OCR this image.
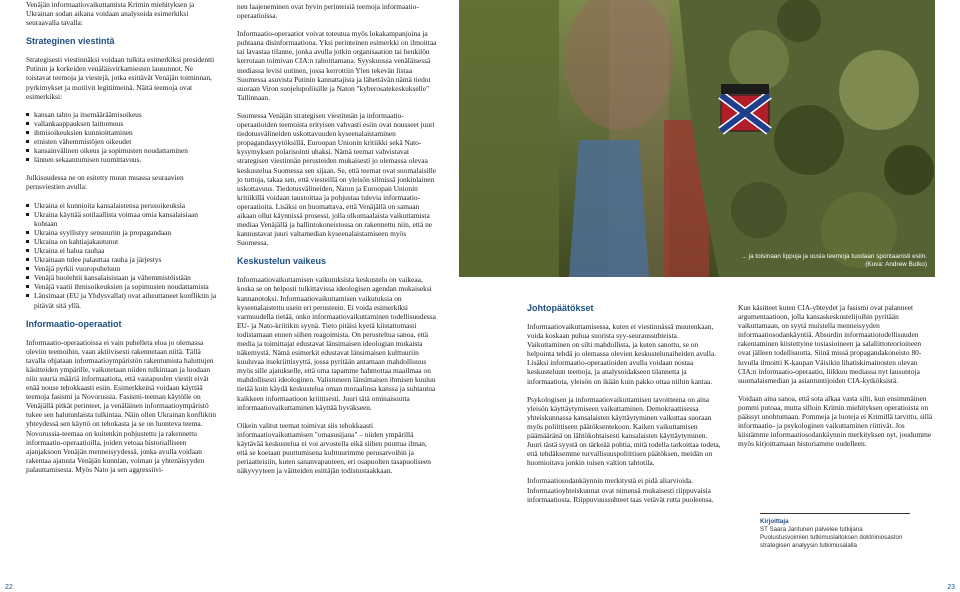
Venäjän informaatiovaikuttamista Krimin miehityksen ja Ukrainan sodan aikana voidaan analysoida esimerkiksi seuraavalla tavalla:

Strateginen viestintä

Strategisesti viestinnäksi voidaan tulkita esimerkiksi presidentti Putinin ja korkeiden venäläisvirkamiesten lausunnot. Ne toistavat teemoja ja viestejä, jotka esittävät Venäjän toiminnan, pyrkimykset ja motiivit legitiimeinä. Näitä teemoja ovat esimerkiksi:

kansan tahto ja itsemääräämisoikeus
vallankaappauksen laittomuus
ihmisoikeuksien kunnioittaminen
etnisten vähemmistöjen oikeudet
kansainvälinen oikeus ja sopimusten noudattaminen
lännen sekaantumisen tuomittavuus.

Julkisuudessa ne on esitetty muun muassa seuraavien perusviestien avulla:

Ukraina ei kunnioita kansalaistensa perusoikeuksia
Ukraina käyttää sotilaallista voimaa omia kansalaisiaan kohtaan
Ukraina syyllistyy sensuuriin ja propagandaan
Ukraina on kahtiajakautunut
Ukraina ei halua rauhaa
Ukrainaan tulee palauttaa rauha ja järjestys
Venäjä pyrkii vuoropuheluun
Venäjä huolehtii kansalaisistaan ja vähemmistöistään
Venäjä vaatii ihmisoikeuksien ja sopimusten noudattamista
Länsimaat (EU ja Yhdysvallat) ovat aiheuttaneet konfliktin ja pitävät sitä yllä.

Informaatio-operaatiot

Informaatio-operaatioissa ei vain puhelleta eloa jo olemassa oleviin teemoihin, vaan aktiivisesti rakennetaan niitä. Tällä tavalla ohjataan informaatioympäristön rakentumista haluttujen käsitteiden ympärille, vaikutetaan niiden tulkintaan ja luodaan niin suuria määriä informaatiota, että vastapuolen viestit eivät enää nouse tehokkaasti esiin. Esimerkkeinä voidaan käyttää teemoja fasismi ja Novorussia. Fasismi-teeman käytölle on Venäjällä pitkät perinteet, ja venäläinen informaatioympäristö tukee sen halutunlaista tulkintaa. Näin ollen Ukrainan konfliktin yhteydessä sen käyttö on tehokasta ja se on luonteva teema. Novorussia-teemaa on kuitenkin pohjustettu ja rakennettu informaatio-operaatioilla, joiden vetoaa historialliseen ajanjaksoon Venäjän menneisyydessä, jonka avulla voidaan rakentaa ajatusta Venäjän kunnian, voiman ja yhtenäisyyden palauttamisesta. Myös Nato ja sen aggressiivi-

nen laajeneminen ovat hyvin perinteisiä teemoja informaatio-operaatioissa.

Informaatio-operaatiot voivat toteutua myös lokakampanjoina ja puhtaana disinformaationa. Yksi perinteinen esimerkki on ilmoittaa tai lavastaa tilanne, jonka avulla jotkin organisaation tai henkilön kerrotaan toimivan CIA:n rahoittamana. Syyskuussa venäläisessä mediassa levisi uutinen, jossa kerrottiin Ylen tekevän listaa Suomessa asuvista Putinin kannattajista ja lähettävän nämä tiedot suoraan Viron suojelupoliisille ja Naton "kyberosatekeskukselle" Tallinnaan.

Suomessa Venäjän strategisen viestinnän ja informaatio-operaatioiden teemoista erityisen vahvasti esiin ovat nousseet juuri tiedotusvälineiden uskottavuuden kyseenalaistaminen propagandasyytöksillä, Euroopan Unionin kritiikki sekä Nato-kysymyksen polarisointi uhaksi. Nämä teemat vahvistavat strategisen viestinnän perusteiden mukaisesti jo olemassa olevaa keskustelua Suomessa sen sijaan. Se, että teemat ovat suomalaisille jo tuttuja, takaa sen, että viesteillä on yleisön silmissä jonkinlainen uskottavuus. Tiedotusvälineiden, Naton ja Euroopan Unionin kritiikillä voidaan taustoittaa ja pohjustaa tulevia informaatio-operaatioita. Lisäksi on huomattava, että Venäjällä on samaan aikaan ollut käynnissä prosessi, jolla ulkomaalaista vaikuttamista mediaa Venäjällä ja hallintokoneistossa on rakennettu niin, että ne kannustavat juuri valtamedian kyseenalaistamiseen myös Suomessa.

Keskustelun vaikeus

Informaatiovaikuttamisen vaikutuksista keskustelu on vaikeaa, koska se on helposti tulkittavissa ideologisen agendan mukaiseksi kannanotoksi. Informaatiovaikuttamisen vaikutuksia on kyseenalaistettu usein eri perusteein. Ei voida esimerkiksi varmuudella tietää, onko informaatiovaikuttaminen todellisuudessa EU- ja Nato-kriitikin syynä. Tieto pitäisi kyetä kiistattomasti todistamaan ennen siihen reagoimista. On perusteltua sanoa, että media ja toimittajat edustavat länsimaisen ideologian mukaista näkemystä. Nämä esimerkit edustavat länsimaisen kulttuuriin kuuluvaa itsekriittisyyttä, jossa pyritään antamaan mahdollisuus myös sille ajatukselle, että oma tapamme hahmottaa maailmaa on mahdollisesti ideologinen. Valistuneen länsimaisen ihmisen kuuluu tietää kuin käydä keskustelua oman moraalinsa kanssa ja suhtautua kaikkeen informaatioon kriittisesti. Juuri tätä ominaisuutta informaatiovaikuttaminen käyttää hyväkseen.

Oikein valitut teemat toimivat siis tehokkaasti informaatiovaikuttamisen "omasusijana" – niiden ympärillä käytävää keskustelua ei voi arvostella eikä siihen puuttua ilman, että se koetaan puuttumisena kulttuurimme perusarvoihin ja periaatteisiin, kuten sananvapauteen, eri osapuolten tasapuoliseen näkyvyyteen ja väitteiden esittäjän todistustaakkaan.

... ja toisinaan lippuja ja uusia teemoja tuodaan spontaanisti esiin.
(Kuva: Andrew Butko)

Johtopäätökset

Informaatiovaikuttamisessa, kuten ei viestinnässä muutenkaan, voida koskaan puhua suorista syy-seuraussuhteista. Vaikuttaminen on silti mahdollista, ja kuten sanottu, se on helpointa tehdä jo olemassa olevien keskustelunaiheiden avulla. Lisäksi informaatio-operaatioiden avulla voidaan nostaa keskusteluun teemoja, ja analysoidakseen tilannetta ja informaatiota, yleisön on ikään kuin pakko ottaa niihin kantaa.

Psykologisen ja informaatiovaikuttamisen tavoitteena on aina yleisön käyttäytymiseen vaikuttaminen. Demokraattisessa yhteiskunnassa kansalaisten käyttäytyminen vaikuttaa suoraan myös poliittiseen päätöksentekoon. Kaiken vaikuttamisen päämääränä on lähtökohtaisesti kansalaisten käyttäytyminen. Juuri tästä syystä on tärkeää pohtia, mitä todella tarkoittaa todeta, että tehdäksemme turvallisuuspoliittisen päätöksen, meidän on huomioitava jonkin toisen valtion tahtotila.

Informaatiosodankäynnin merkitystä ei pidä aliarvioida. Informaatioyhteiskunnat ovat nimensä mukaisesti riippuvaisia informaatiosta. Riippuvuussuhteet taas vetävät rutta puoleensa.

Kun käsitteet kuten CIA-yhteydet ja fasismi ovat palanneet argumentaatioon, jolla kansaskeskustelijoihin pyritään vaikuttamaan, on syytä muistella menneisyyden informaatiosodankäyntiä. Absurdin informaatiotodellisuuden rakentaminen kiistettyine tosiasioineen ja salaliittoteorioineen ovat jälleen todellisuutta. Siinä missä propagandakoneisto 80-luvulla ilmoitti K-kaupan Väisikin lihatiskimainosten olevan CIA:n informaatio-operaatio, liikkuu mediassa nyt lausuntoja suomalaismedian ja asiantuntijoiden CIA-kytköksistä.

Voidaan aina sanoa, että sota alkaa vasta silti, kun ensimmäinen pommi putoaa, mutta silloin Krimin miehityksen operatioista on päässyt unohtumaan. Pommeja ja luoteja ei Krimillä tarvittu, sillä informaatio- ja psykologinen vaikuttaminen riittivät. Jos kiistämme informaatiosodankäynnin merkityksen nyt, joudumme myös kirjoittamaan historiamme uudelleen.

Kirjoittaja
ST Saara Jantunen palvelee tutkijana Puolustusvoimien tutkimuslaitoksen doktriiniosaston strategisen analyysin tutkimusalalla
22	23
